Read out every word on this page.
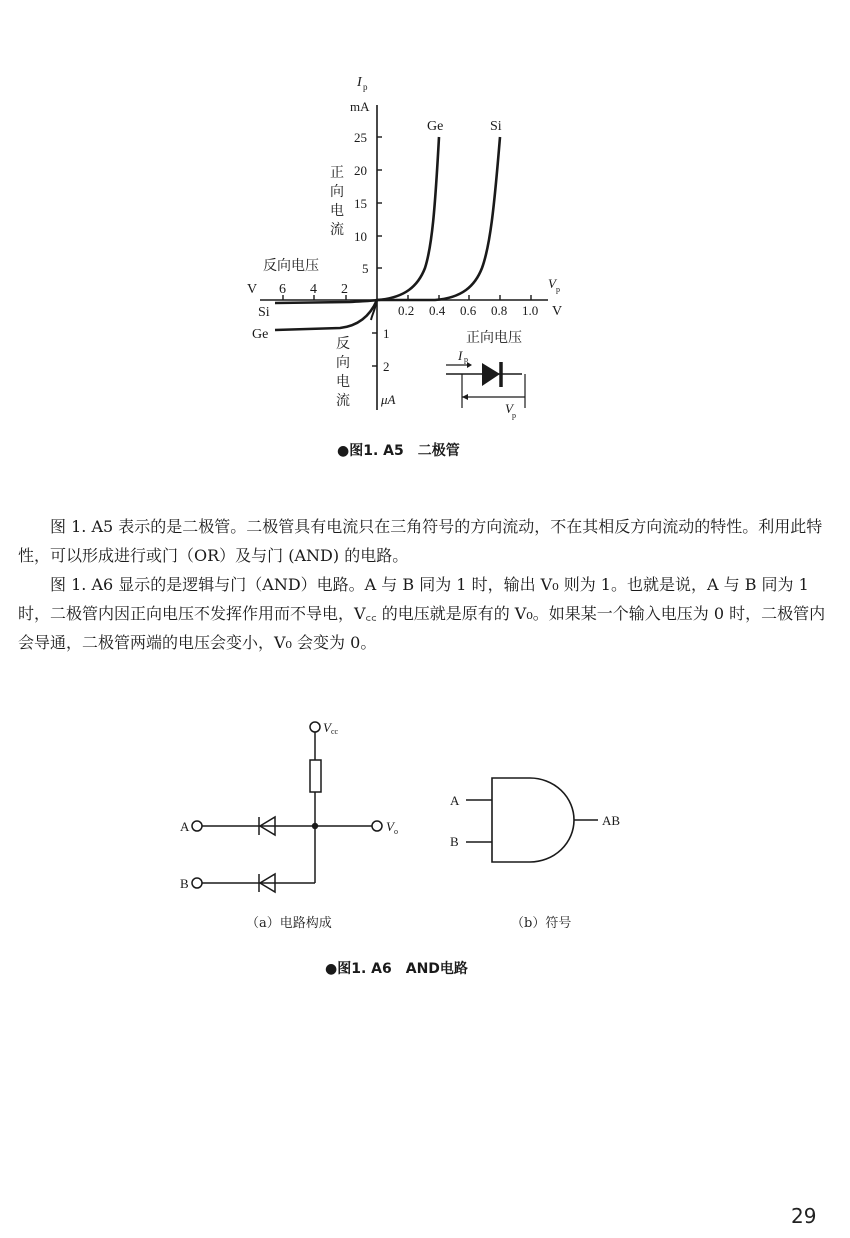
I p
mA
25
20
15
10
5
正
向
电
流
反向电压
V 6 4 2	V p
0.2 0.4 0.6 0.8 1.0 V
正向电压
1
2
μA
反
向
电
流
Ge	Si
Si
Ge
I p
V p
●图1. A5　二极管
图 1. A5 表示的是二极管。二极管具有电流只在三角符号的方向流动，不在其相反方向流动的特性。利用此特性，可以形成进行或门（OR）及与门 (AND) 的电路。
图 1. A6 显示的是逻辑与门（AND）电路。A 与 B 同为 1 时，输出 V₀ 则为 1。也就是说，A 与 B 同为 1 时，二极管内因正向电压不发挥作用而不导电，V꜀꜀ 的电压就是原有的 V₀。如果某一个输入电压为 0 时，二极管内会导通，二极管两端的电压会变小，V₀ 会变为 0。
V cc
V o
A
B
（a）电路构成
A
B
AB
（b）符号
●图1. A6　AND电路
29
